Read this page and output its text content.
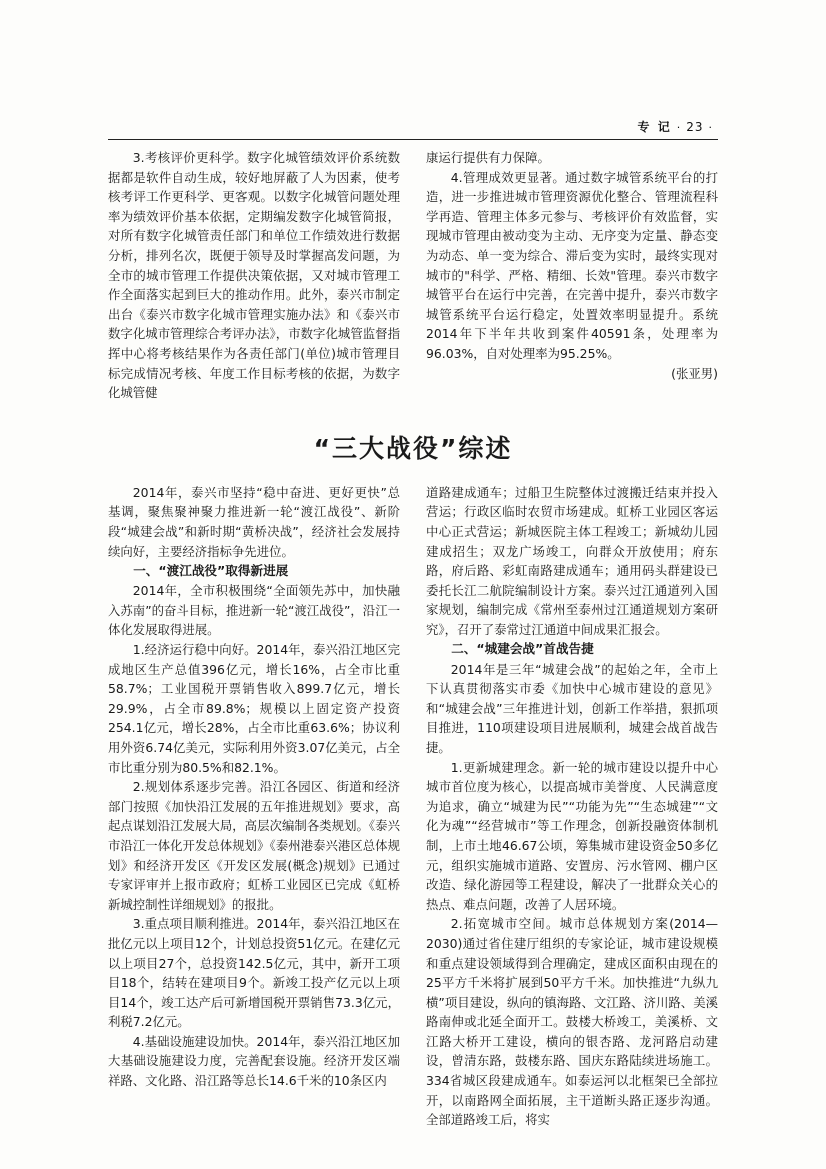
专 记 · 23 ·

3.考核评价更科学。数字化城管绩效评价系统数据都是软件自动生成，较好地屏蔽了人为因素，使考核考评工作更科学、更客观。以数字化城管问题处理率为绩效评价基本依据，定期编发数字化城管简报，对所有数字化城管责任部门和单位工作绩效进行数据分析，排列名次，既便于领导及时掌握高发问题，为全市的城市管理工作提供决策依据，又对城市管理工作全面落实起到巨大的推动作用。此外，泰兴市制定出台《泰兴市数字化城市管理实施办法》和《泰兴市数字化城市管理综合考评办法》，市数字化城管监督指挥中心将考核结果作为各责任部门(单位)城市管理目标完成情况考核、年度工作目标考核的依据，为数字化城管健

康运行提供有力保障。

4.管理成效更显著。通过数字城管系统平台的打造，进一步推进城市管理资源优化整合、管理流程科学再造、管理主体多元参与、考核评价有效监督，实现城市管理由被动变为主动、无序变为定量、静态变为动态、单一变为综合、滞后变为实时，最终实现对城市的"科学、严格、精细、长效"管理。泰兴市数字城管平台在运行中完善，在完善中提升，泰兴市数字城管系统平台运行稳定，处置效率明显提升。系统2014年下半年共收到案件40591条，处理率为96.03%，自对处理率为95.25%。

(张亚男)

“三大战役”综述

2014年，泰兴市坚持“稳中奋进、更好更快”总基调，聚焦聚神聚力推进新一轮“渡江战役”、新阶段“城建会战”和新时期“黄桥决战”，经济社会发展持续向好，主要经济指标争先进位。

一、“渡江战役”取得新进展

2014年，全市积极围绕“全面领先苏中，加快融入苏南”的奋斗目标，推进新一轮“渡江战役”，沿江一体化发展取得进展。

1.经济运行稳中向好。2014年，泰兴沿江地区完成地区生产总值396亿元，增长16%，占全市比重58.7%；工业国税开票销售收入899.7亿元，增长29.9%，占全市89.8%；规模以上固定资产投资254.1亿元，增长28%，占全市比重63.6%；协议利用外资6.74亿美元，实际利用外资3.07亿美元，占全市比重分别为80.5%和82.1%。

2.规划体系逐步完善。沿江各园区、街道和经济部门按照《加快沿江发展的五年推进规划》要求，高起点谋划沿江发展大局，高层次编制各类规划。《泰兴市沿江一体化开发总体规划》《泰州港泰兴港区总体规划》和经济开发区《开发区发展(概念)规划》已通过专家评审并上报市政府；虹桥工业园区已完成《虹桥新城控制性详细规划》的报批。

3.重点项目顺利推进。2014年，泰兴沿江地区在批亿元以上项目12个，计划总投资51亿元。在建亿元以上项目27个，总投资142.5亿元，其中，新开工项目18个，结转在建项目9个。新竣工投产亿元以上项目14个，竣工达产后可新增国税开票销售73.3亿元，利税7.2亿元。

4.基础设施建设加快。2014年，泰兴沿江地区加大基础设施建设力度，完善配套设施。经济开发区端祥路、文化路、沿江路等总长14.6千米的10条区内

道路建成通车；过船卫生院整体过渡搬迁结束并投入营运；行政区临时农贸市场建成。虹桥工业园区客运中心正式营运；新城医院主体工程竣工；新城幼儿园建成招生；双龙广场竣工，向群众开放使用；府东路，府后路、彩虹南路建成通车；通用码头群建设已委托长江二航院编制设计方案。泰兴过江通道列入国家规划，编制完成《常州至泰州过江通道规划方案研究》，召开了泰常过江通道中间成果汇报会。

二、“城建会战”首战告捷

2014年是三年“城建会战”的起始之年，全市上下认真贯彻落实市委《加快中心城市建设的意见》和“城建会战”三年推进计划，创新工作举措，狠抓项目推进，110项建设项目进展顺利，城建会战首战告捷。

1.更新城建理念。新一轮的城市建设以提升中心城市首位度为核心，以提高城市美誉度、人民满意度为追求，确立“城建为民”“功能为先”“生态城建”“文化为魂”“经营城市”等工作理念，创新投融资体制机制，上市土地46.67公顷，筹集城市建设资金50多亿元，组织实施城市道路、安置房、污水管网、棚户区改造、绿化游园等工程建设，解决了一批群众关心的热点、难点问题，改善了人居环境。

2.拓宽城市空间。城市总体规划方案(2014—2030)通过省住建厅组织的专家论证，城市建设规模和重点建设领域得到合理确定，建成区面积由现在的25平方千米将扩展到50平方千米。加快推进“九纵九横”项目建设，纵向的镇海路、文江路、济川路、美溪路南伸或北延全面开工。鼓楼大桥竣工，美溪桥、文江路大桥开工建设，横向的银杏路、龙河路启动建设，曾清东路，鼓楼东路、国庆东路陆续进场施工。334省城区段建成通车。如泰运河以北框架已全部拉开，以南路网全面拓展，主干道断头路正逐步沟通。全部道路竣工后，将实
